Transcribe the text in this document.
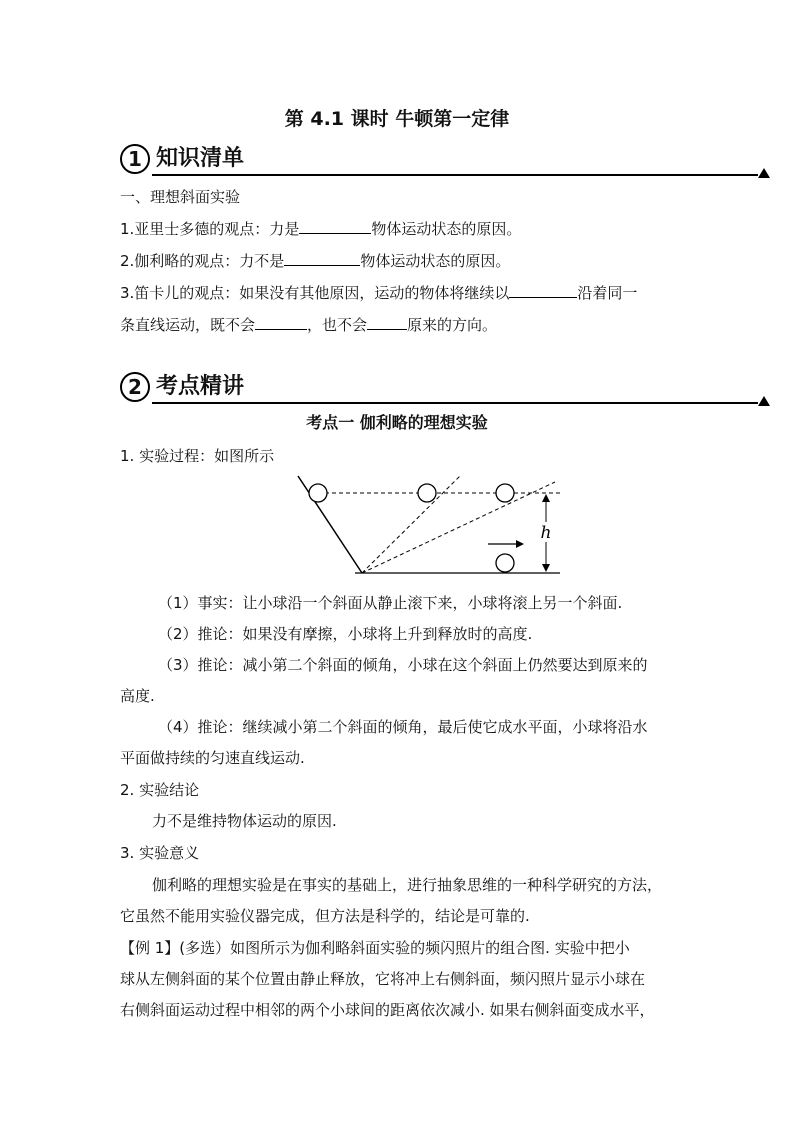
第 4.1 课时 牛顿第一定律
1 知识清单
一、理想斜面实验
1.亚里士多德的观点：力是	物体运动状态的原因。
2.伽利略的观点：力不是	物体运动状态的原因。
3.笛卡儿的观点：如果没有其他原因，运动的物体将继续以	沿着同一
条直线运动，既不会	，也不会	原来的方向。
2 考点精讲
考点一 伽利略的理想实验
1. 实验过程：如图所示
h
（1）事实：让小球沿一个斜面从静止滚下来，小球将滚上另一个斜面.
（2）推论：如果没有摩擦，小球将上升到释放时的高度.
（3）推论：减小第二个斜面的倾角，小球在这个斜面上仍然要达到原来的
高度.
（4）推论：继续减小第二个斜面的倾角，最后使它成水平面，小球将沿水
平面做持续的匀速直线运动.
2. 实验结论
力不是维持物体运动的原因.
3. 实验意义
伽利略的理想实验是在事实的基础上，进行抽象思维的一种科学研究的方法，
它虽然不能用实验仪器完成，但方法是科学的，结论是可靠的.
【例 1】(多选）如图所示为伽利略斜面实验的频闪照片的组合图. 实验中把小
球从左侧斜面的某个位置由静止释放，它将冲上右侧斜面，频闪照片显示小球在
右侧斜面运动过程中相邻的两个小球间的距离依次减小. 如果右侧斜面变成水平，
